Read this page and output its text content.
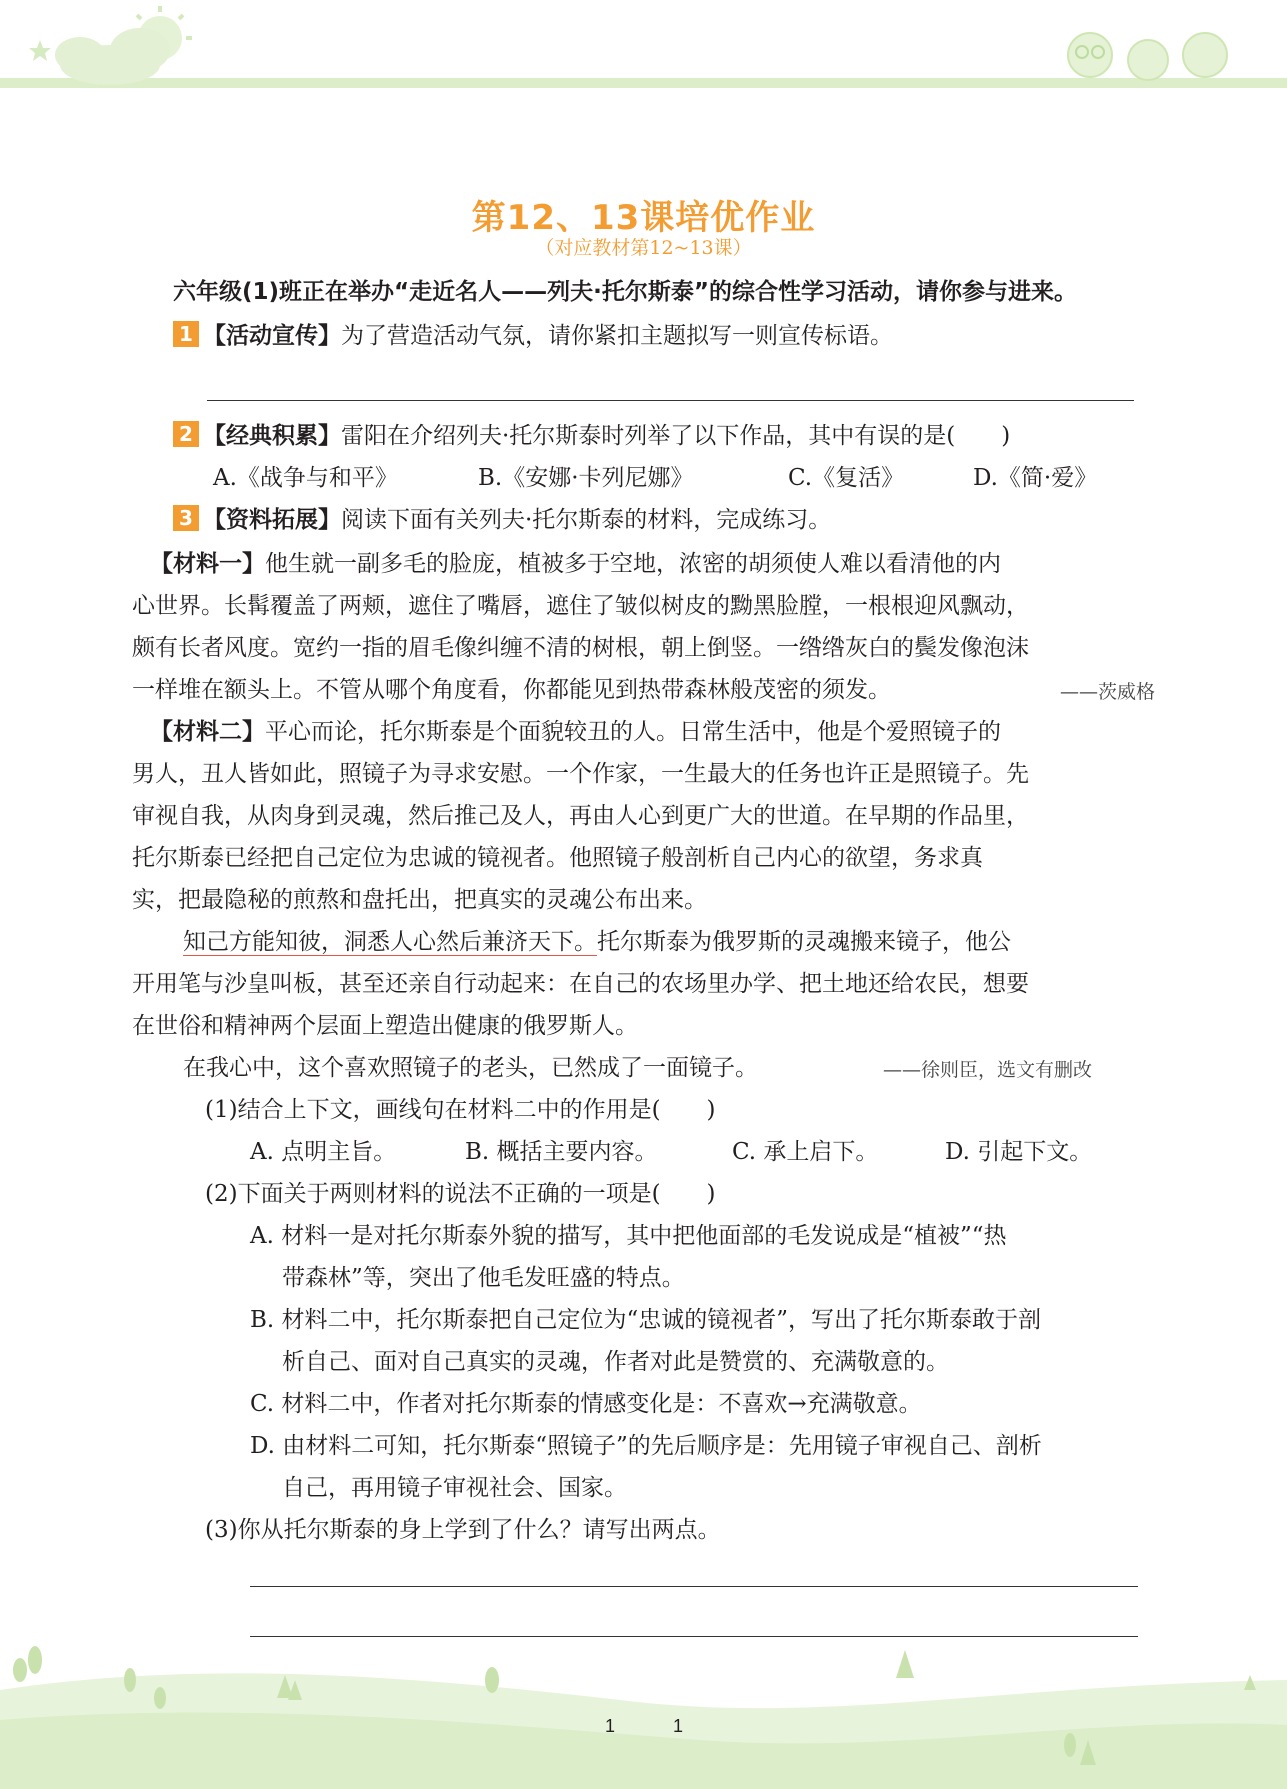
第12、13课培优作业
（对应教材第12~13课）
六年级(1)班正在举办“走近名人——列夫·托尔斯泰”的综合性学习活动，请你参与进来。
1 【活动宣传】为了营造活动气氛，请你紧扣主题拟写一则宣传标语。
2 【经典积累】雷阳在介绍列夫·托尔斯泰时列举了以下作品，其中有误的是(　　)
A.《战争与和平》	B.《安娜·卡列尼娜》	C.《复活》	D.《简·爱》
3 【资料拓展】阅读下面有关列夫·托尔斯泰的材料，完成练习。
【材料一】他生就一副多毛的脸庞，植被多于空地，浓密的胡须使人难以看清他的内
心世界。长髯覆盖了两颊，遮住了嘴唇，遮住了皱似树皮的黝黑脸膛，一根根迎风飘动，
颇有长者风度。宽约一指的眉毛像纠缠不清的树根，朝上倒竖。一绺绺灰白的鬓发像泡沫
一样堆在额头上。不管从哪个角度看，你都能见到热带森林般茂密的须发。	——茨威格
【材料二】平心而论，托尔斯泰是个面貌较丑的人。日常生活中，他是个爱照镜子的
男人，丑人皆如此，照镜子为寻求安慰。一个作家，一生最大的任务也许正是照镜子。先
审视自我，从肉身到灵魂，然后推己及人，再由人心到更广大的世道。在早期的作品里，
托尔斯泰已经把自己定位为忠诚的镜视者。他照镜子般剖析自己内心的欲望，务求真
实，把最隐秘的煎熬和盘托出，把真实的灵魂公布出来。
知己方能知彼，洞悉人心然后兼济天下。托尔斯泰为俄罗斯的灵魂搬来镜子，他公
开用笔与沙皇叫板，甚至还亲自行动起来：在自己的农场里办学、把土地还给农民，想要
在世俗和精神两个层面上塑造出健康的俄罗斯人。
在我心中，这个喜欢照镜子的老头，已然成了一面镜子。	——徐则臣，选文有删改
(1)结合上下文，画线句在材料二中的作用是(　　)
A. 点明主旨。	B. 概括主要内容。	C. 承上启下。	D. 引起下文。
(2)下面关于两则材料的说法不正确的一项是(　　)
A. 材料一是对托尔斯泰外貌的描写，其中把他面部的毛发说成是“植被”“热
带森林”等，突出了他毛发旺盛的特点。
B. 材料二中，托尔斯泰把自己定位为“忠诚的镜视者”，写出了托尔斯泰敢于剖
析自己、面对自己真实的灵魂，作者对此是赞赏的、充满敬意的。
C. 材料二中，作者对托尔斯泰的情感变化是：不喜欢→充满敬意。
D. 由材料二可知，托尔斯泰“照镜子”的先后顺序是：先用镜子审视自己、剖析
自己，再用镜子审视社会、国家。
(3)你从托尔斯泰的身上学到了什么？请写出两点。
1	1
